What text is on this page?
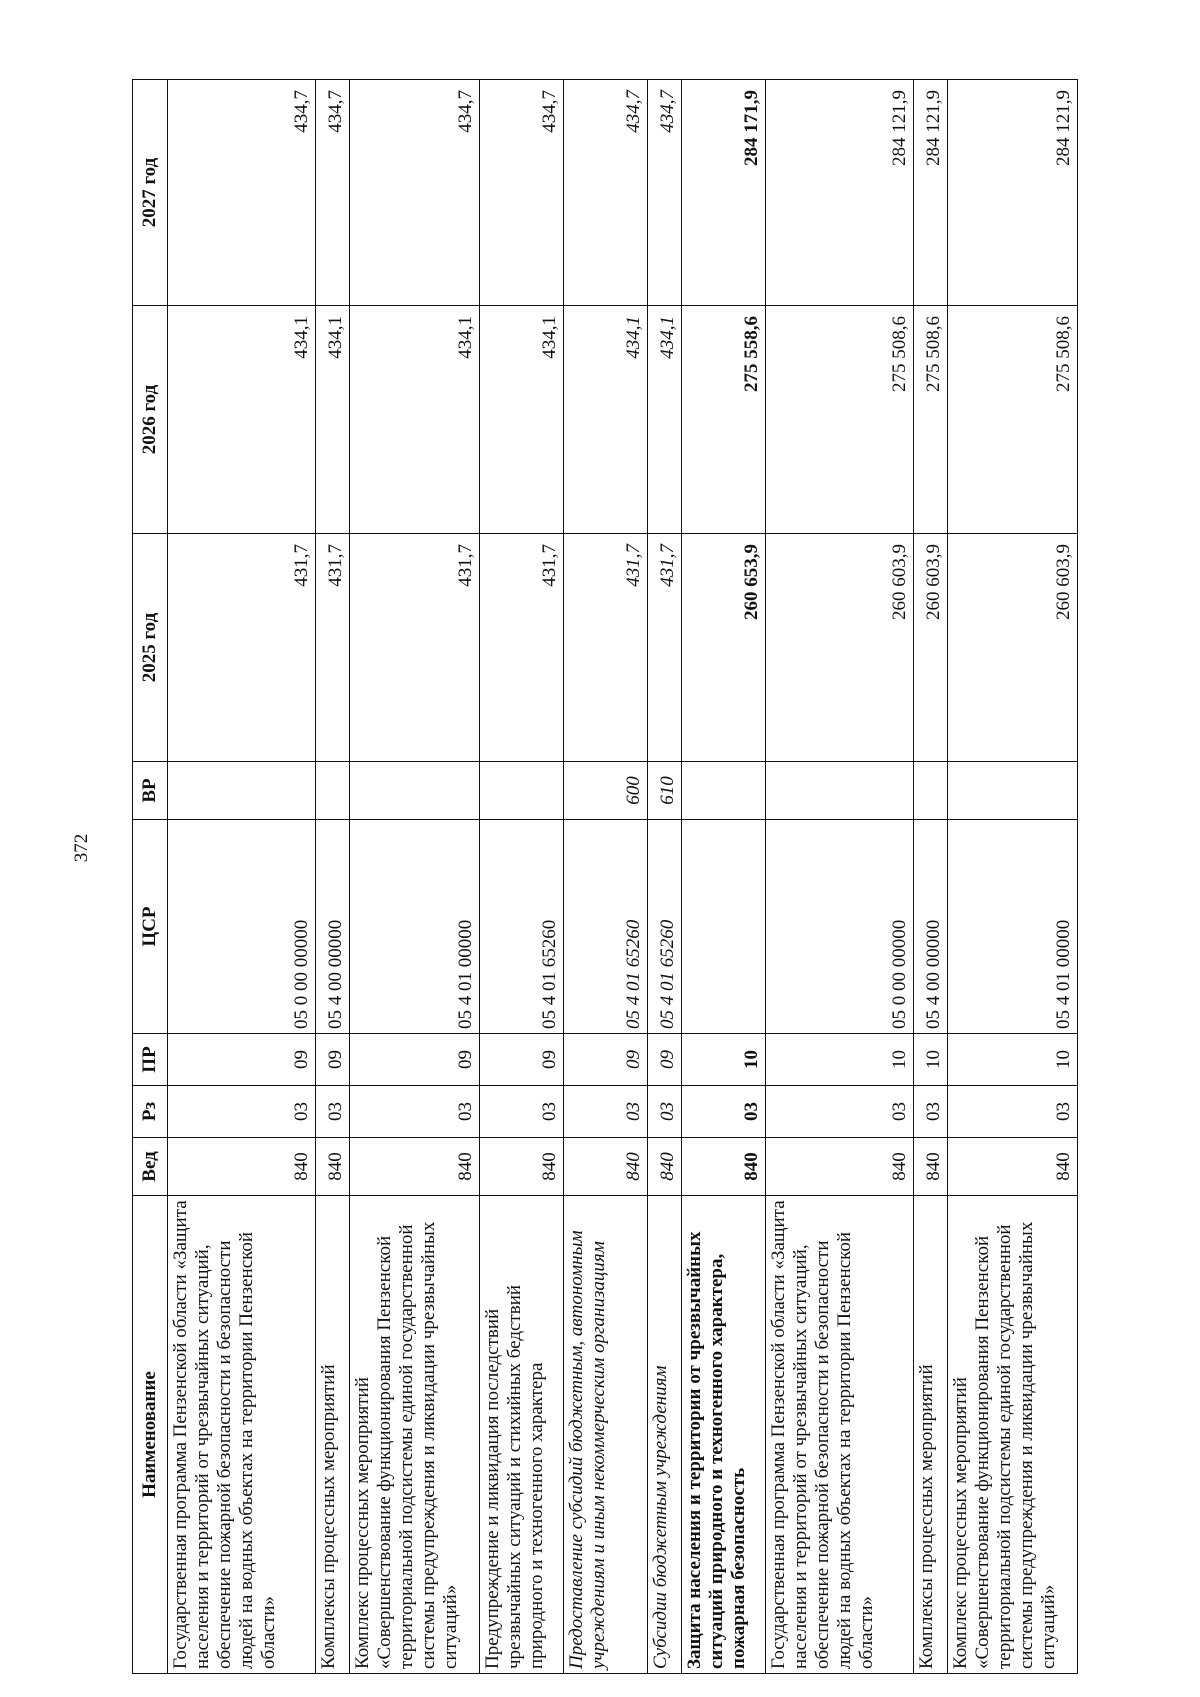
372
Наименование	Вед	Рз	ПР	ЦСР	ВР	2025 год	2026 год	2027 год
Государственная программа Пензенской области «Защита населения и территорий от чрезвычайных ситуаций, обеспечение пожарной безопасности и безопасности людей на водных объектах на территории Пензенской области»	840	03	09	05 0 00 00000		431,7	434,1	434,7
Комплексы процессных мероприятий	840	03	09	05 4 00 00000		431,7	434,1	434,7
Комплекс процессных мероприятий «Совершенствование функционирования Пензенской территориальной подсистемы единой государственной системы предупреждения и ликвидации чрезвычайных ситуаций»	840	03	09	05 4 01 00000		431,7	434,1	434,7
Предупреждение и ликвидация последствий чрезвычайных ситуаций и стихийных бедствий природного и техногенного характера	840	03	09	05 4 01 65260		431,7	434,1	434,7
Предоставление субсидий бюджетным, автономным учреждениям и иным некоммерческим организациям	840	03	09	05 4 01 65260	600	431,7	434,1	434,7
Субсидии бюджетным учреждениям	840	03	09	05 4 01 65260	610	431,7	434,1	434,7
Защита населения и территории от чрезвычайных ситуаций природного и техногенного характера, пожарная безопасность	840	03	10			260 653,9	275 558,6	284 171,9
Государственная программа Пензенской области «Защита населения и территорий от чрезвычайных ситуаций, обеспечение пожарной безопасности и безопасности людей на водных объектах на территории Пензенской области»	840	03	10	05 0 00 00000		260 603,9	275 508,6	284 121,9
Комплексы процессных мероприятий	840	03	10	05 4 00 00000		260 603,9	275 508,6	284 121,9
Комплекс процессных мероприятий «Совершенствование функционирования Пензенской территориальной подсистемы единой государственной системы предупреждения и ликвидации чрезвычайных ситуаций»	840	03	10	05 4 01 00000		260 603,9	275 508,6	284 121,9
